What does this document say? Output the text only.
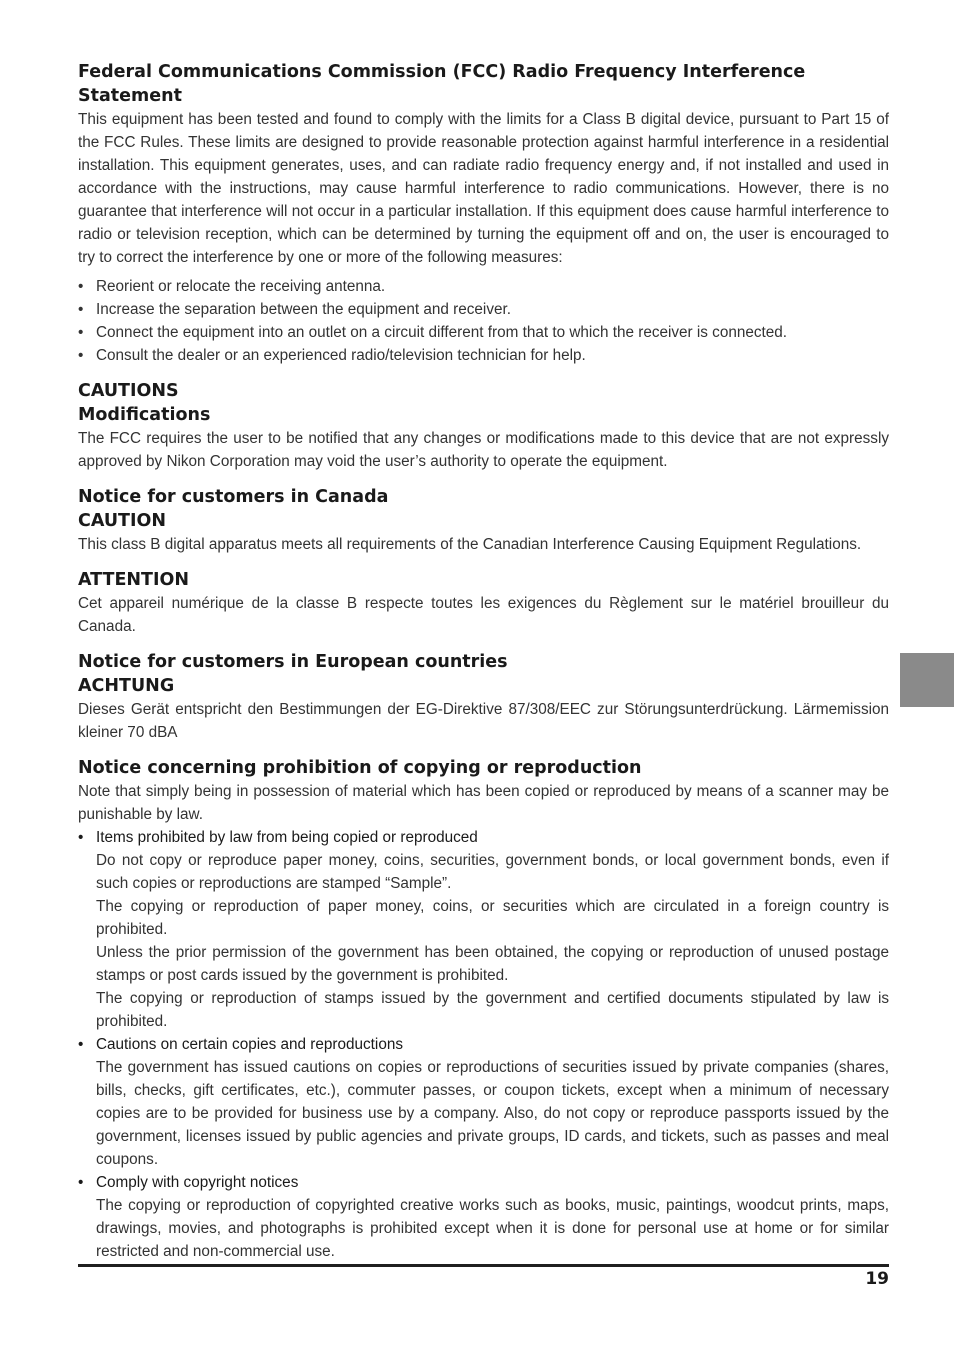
Federal Communications Commission (FCC) Radio Frequency Interference Statement
This equipment has been tested and found to comply with the limits for a Class B digital device, pursuant to Part 15 of the FCC Rules. These limits are designed to provide reasonable protection against harmful interference in a residential installation. This equipment generates, uses, and can radiate radio frequency energy and, if not installed and used in accordance with the instructions, may cause harmful interference to radio communications. However, there is no guarantee that interference will not occur in a particular installation. If this equipment does cause harmful interference to radio or television reception, which can be determined by turning the equipment off and on, the user is encouraged to try to correct the interference by one or more of the following measures:
• Reorient or relocate the receiving antenna.
• Increase the separation between the equipment and receiver.
• Connect the equipment into an outlet on a circuit different from that to which the receiver is connected.
• Consult the dealer or an experienced radio/television technician for help.
CAUTIONS
Modifications
The FCC requires the user to be notified that any changes or modifications made to this device that are not expressly approved by Nikon Corporation may void the user’s authority to operate the equipment.
Notice for customers in Canada
CAUTION
This class B digital apparatus meets all requirements of the Canadian Interference Causing Equipment Regulations.
ATTENTION
Cet appareil numérique de la classe B respecte toutes les exigences du Règlement sur le matériel brouilleur du Canada.
Notice for customers in European countries
ACHTUNG
Dieses Gerät entspricht den Bestimmungen der EG-Direktive 87/308/EEC zur Störungsunterdrückung. Lärmemission kleiner 70 dBA
Notice concerning prohibition of copying or reproduction
Note that simply being in possession of material which has been copied or reproduced by means of a scanner may be punishable by law.
• Items prohibited by law from being copied or reproduced
Do not copy or reproduce paper money, coins, securities, government bonds, or local government bonds, even if such copies or reproductions are stamped “Sample”.
The copying or reproduction of paper money, coins, or securities which are circulated in a foreign country is prohibited.
Unless the prior permission of the government has been obtained, the copying or reproduction of unused postage stamps or post cards issued by the government is prohibited.
The copying or reproduction of stamps issued by the government and certified documents stipulated by law is prohibited.
• Cautions on certain copies and reproductions
The government has issued cautions on copies or reproductions of securities issued by private companies (shares, bills, checks, gift certificates, etc.), commuter passes, or coupon tickets, except when a minimum of necessary copies are to be provided for business use by a company. Also, do not copy or reproduce passports issued by the government, licenses issued by public agencies and private groups, ID cards, and tickets, such as passes and meal coupons.
• Comply with copyright notices
The copying or reproduction of copyrighted creative works such as books, music, paintings, woodcut prints, maps, drawings, movies, and photographs is prohibited except when it is done for personal use at home or for similar restricted and non-commercial use.
19
